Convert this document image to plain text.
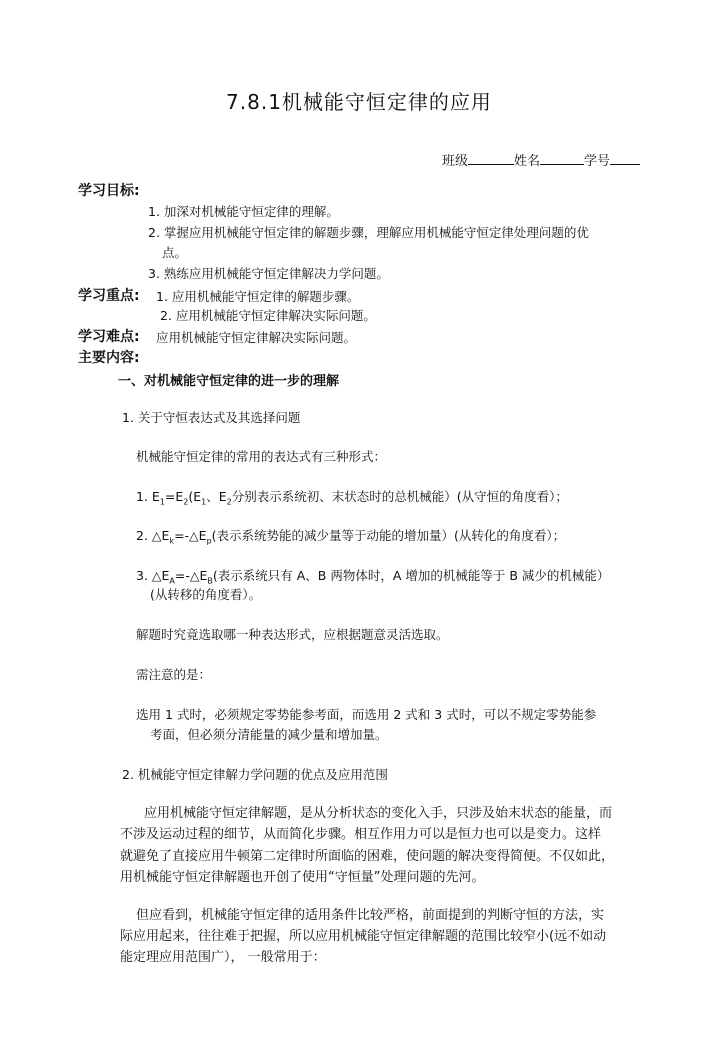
7.8.1机械能守恒定律的应用
班级	姓名	学号
学习目标:
1. 加深对机械能守恒定律的理解。
2. 掌握应用机械能守恒定律的解题步骤，理解应用机械能守恒定律处理问题的优
点。
3. 熟练应用机械能守恒定律解决力学问题。
学习重点: 1. 应用机械能守恒定律的解题步骤。
2. 应用机械能守恒定律解决实际问题。
学习难点: 应用机械能守恒定律解决实际问题。
主要内容:
一、对机械能守恒定律的进一步的理解
1. 关于守恒表达式及其选择问题
机械能守恒定律的常用的表达式有三种形式：
1. $E_1=E_2(E_1$、$E_2$分别表示系统初、末状态时的总机械能）(从守恒的角度看）；
2. $\triangle E_k=-\triangle E_p$(表示系统势能的减少量等于动能的增加量）(从转化的角度看）；
3. $\triangle E_A=-\triangle E_B$(表示系统只有 A、B 两物体时，A 增加的机械能等于 B 减少的机械能）
(从转移的角度看）。
解题时究竟选取哪一种表达形式，应根据题意灵活选取。
需注意的是：
选用 1 式时，必须规定零势能参考面，而选用 2 式和 3 式时，可以不规定零势能参
考面，但必须分清能量的减少量和增加量。
2. 机械能守恒定律解力学问题的优点及应用范围
应用机械能守恒定律解题，是从分析状态的变化入手，只涉及始末状态的能量，而
不涉及运动过程的细节，从而简化步骤。相互作用力可以是恒力也可以是变力。这样
就避免了直接应用牛顿第二定律时所面临的困难，使问题的解决变得简便。不仅如此，
用机械能守恒定律解题也开创了使用“守恒量”处理问题的先河。
但应看到，机械能守恒定律的适用条件比较严格，前面提到的判断守恒的方法，实
际应用起来，往往难于把握，所以应用机械能守恒定律解题的范围比较窄小(远不如动
能定理应用范围广）， 一般常用于：
